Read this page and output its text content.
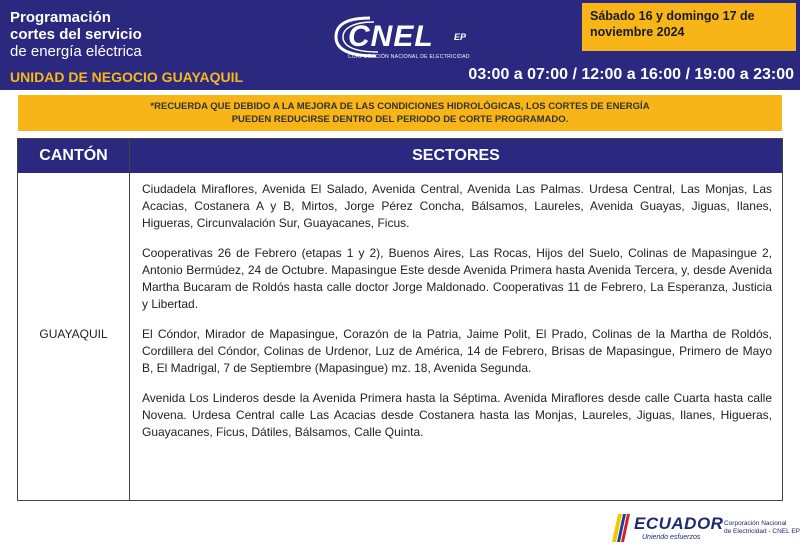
Programación
cortes del servicio
de energía eléctrica
UNIDAD DE NEGOCIO GUAYAQUIL
CNEL EP
CORPORACIÓN NACIONAL DE ELECTRICIDAD
Sábado 16 y domingo 17 de
noviembre 2024
03:00 a 07:00 / 12:00 a 16:00 / 19:00 a 23:00
*RECUERDA QUE DEBIDO A LA MEJORA DE LAS CONDICIONES HIDROLÓGICAS, LOS CORTES DE ENERGÍA
PUEDEN REDUCIRSE DENTRO DEL PERIODO DE CORTE PROGRAMADO.
CANTÓN	SECTORES
GUAYAQUIL

Ciudadela Miraflores, Avenida El Salado, Avenida Central, Avenida Las Palmas. Urdesa Central, Las Monjas, Las Acacias, Costanera A y B, Mirtos, Jorge Pérez Concha, Bálsamos, Laureles, Avenida Guayas, Jiguas, Ilanes, Higueras, Circunvalación Sur, Guayacanes, Ficus.

Cooperativas 26 de Febrero (etapas 1 y 2), Buenos Aires, Las Rocas, Hijos del Suelo, Colinas de Mapasingue 2, Antonio Bermúdez, 24 de Octubre. Mapasingue Este desde Avenida Primera hasta Avenida Tercera, y, desde Avenida Martha Bucaram de Roldós hasta calle doctor Jorge Maldonado. Cooperativas 11 de Febrero, La Esperanza, Justicia y Libertad.

El Cóndor, Mirador de Mapasingue, Corazón de la Patria, Jaime Polit, El Prado, Colinas de la Martha de Roldós, Cordillera del Cóndor, Colinas de Urdenor, Luz de América, 14 de Febrero, Brisas de Mapasingue, Primero de Mayo B, El Madrigal, 7 de Septiembre (Mapasingue) mz. 18, Avenida Segunda.

Avenida Los Linderos desde la Avenida Primera hasta la Séptima. Avenida Miraflores desde calle Cuarta hasta calle Novena. Urdesa Central calle Las Acacias desde Costanera hasta las Monjas, Laureles, Jiguas, Ilanes, Higueras, Guayacanes, Ficus, Dátiles, Bálsamos, Calle Quinta.

ECUADOR
Uniendo esfuerzos
Corporación Nacional
de Electricidad - CNEL EP
